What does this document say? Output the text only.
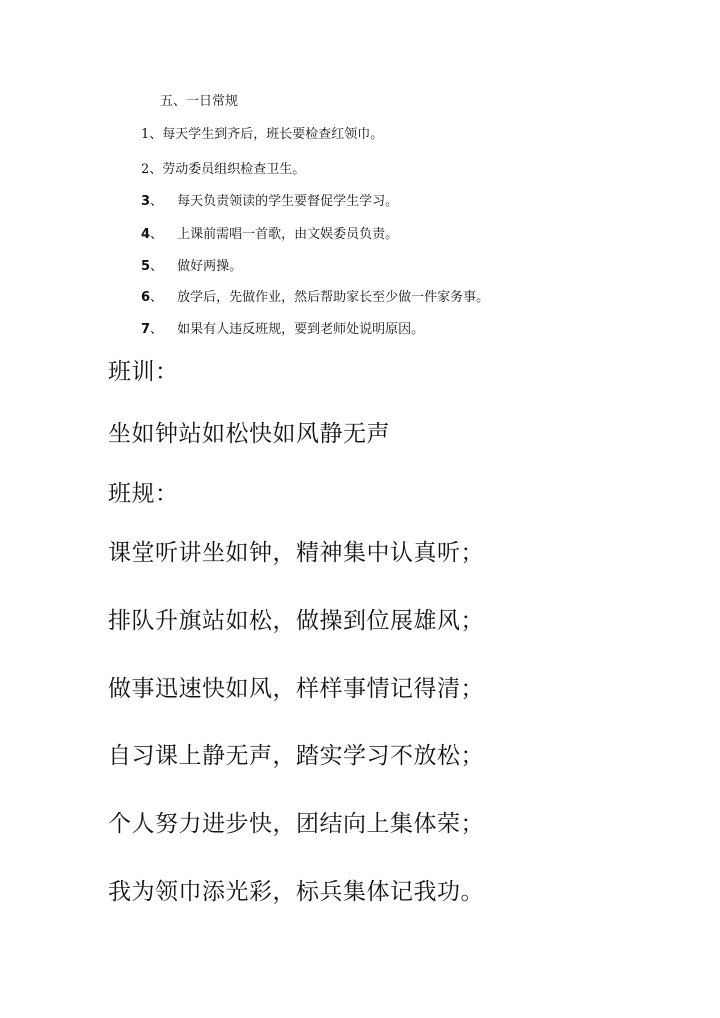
五、一日常规
1、每天学生到齐后，班长要检查红领巾。
2、劳动委员组织检查卫生。
3、 每天负责领读的学生要督促学生学习。
4、 上课前需唱一首歌，由文娱委员负责。
5、 做好两操。
6、 放学后，先做作业，然后帮助家长至少做一件家务事。
7、 如果有人违反班规，要到老师处说明原因。
班训：
坐如钟站如松快如风静无声
班规：
课堂听讲坐如钟，精神集中认真听；
排队升旗站如松，做操到位展雄风；
做事迅速快如风，样样事情记得清；
自习课上静无声，踏实学习不放松；
个人努力进步快，团结向上集体荣；
我为领巾添光彩，标兵集体记我功。
